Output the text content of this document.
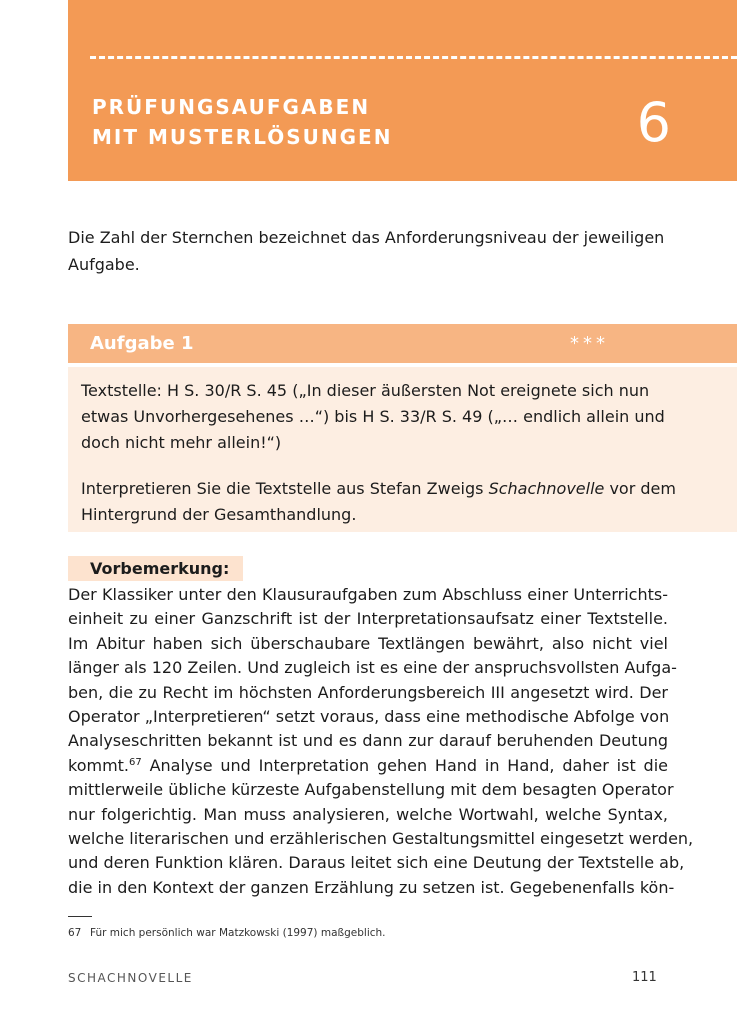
PRÜFUNGSAUFGABEN
MIT MUSTERLÖSUNGEN	6

Die Zahl der Sternchen bezeichnet das Anforderungsniveau der jeweiligen Aufgabe.

Aufgabe 1	***

Textstelle: H S. 30/R S. 45 („In dieser äußersten Not ereignete sich nun etwas Unvorhergesehenes …“) bis H S. 33/R S. 49 („… endlich allein und doch nicht mehr allein!“)

Interpretieren Sie die Textstelle aus Stefan Zweigs Schachnovelle vor dem Hintergrund der Gesamthandlung.

Vorbemerkung:
Der Klassiker unter den Klausuraufgaben zum Abschluss einer Unterrichts-
einheit zu einer Ganzschrift ist der Interpretationsaufsatz einer Textstelle.
Im Abitur haben sich überschaubare Textlängen bewährt, also nicht viel
länger als 120 Zeilen. Und zugleich ist es eine der anspruchsvollsten Aufga-
ben, die zu Recht im höchsten Anforderungsbereich III angesetzt wird. Der
Operator „Interpretieren“ setzt voraus, dass eine methodische Abfolge von
Analyseschritten bekannt ist und es dann zur darauf beruhenden Deutung
kommt.$^{67}$ Analyse und Interpretation gehen Hand in Hand, daher ist die
mittlerweile übliche kürzeste Aufgabenstellung mit dem besagten Operator
nur folgerichtig. Man muss analysieren, welche Wortwahl, welche Syntax,
welche literarischen und erzählerischen Gestaltungsmittel eingesetzt werden,
und deren Funktion klären. Daraus leitet sich eine Deutung der Textstelle ab,
die in den Kontext der ganzen Erzählung zu setzen ist. Gegebenenfalls kön-
67 Für mich persönlich war Matzkowski (1997) maßgeblich.
SCHACHNOVELLE	111
